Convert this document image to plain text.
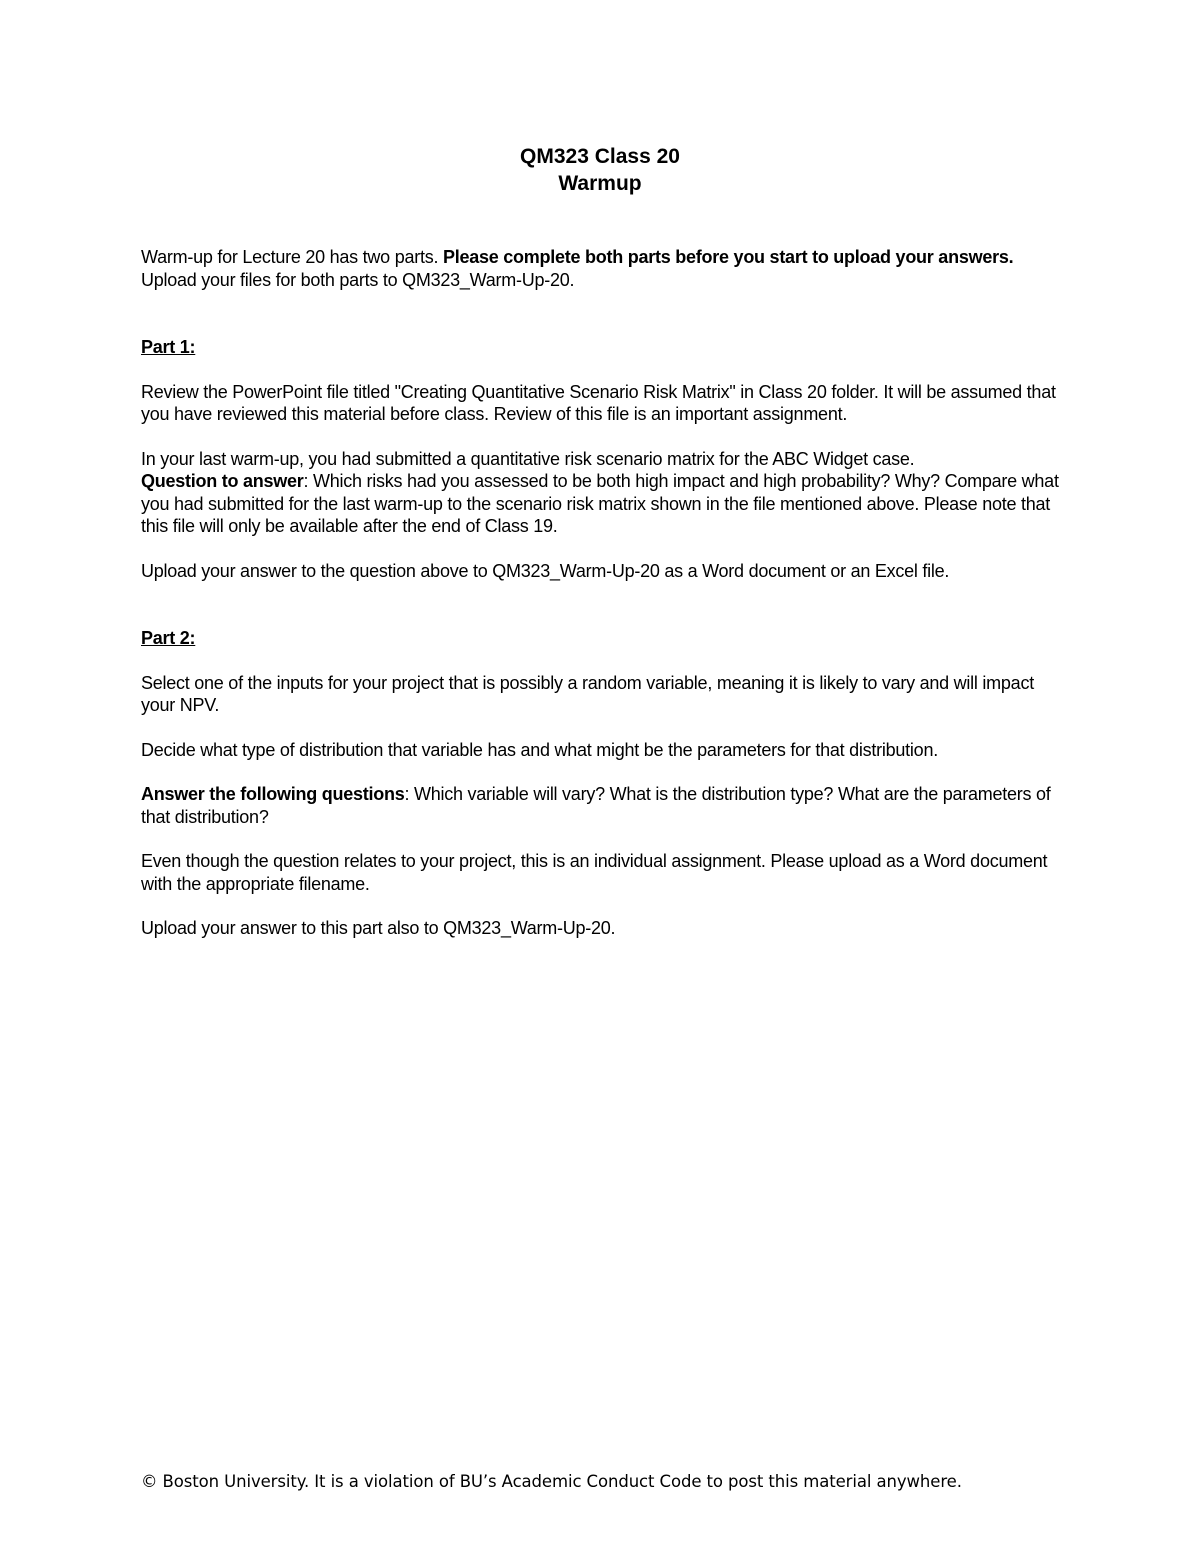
QM323 Class 20
Warmup

Warm-up for Lecture 20 has two parts. Please complete both parts before you start to upload your answers. Upload your files for both parts to QM323_Warm-Up-20.

Part 1:

Review the PowerPoint file titled "Creating Quantitative Scenario Risk Matrix" in Class 20 folder. It will be assumed that you have reviewed this material before class. Review of this file is an important assignment.

In your last warm-up, you had submitted a quantitative risk scenario matrix for the ABC Widget case.
Question to answer: Which risks had you assessed to be both high impact and high probability? Why? Compare what you had submitted for the last warm-up to the scenario risk matrix shown in the file mentioned above. Please note that this file will only be available after the end of Class 19.

Upload your answer to the question above to QM323_Warm-Up-20 as a Word document or an Excel file.

Part 2:

Select one of the inputs for your project that is possibly a random variable, meaning it is likely to vary and will impact your NPV.

Decide what type of distribution that variable has and what might be the parameters for that distribution.

Answer the following questions: Which variable will vary? What is the distribution type? What are the parameters of that distribution?

Even though the question relates to your project, this is an individual assignment. Please upload as a Word document with the appropriate filename.

Upload your answer to this part also to QM323_Warm-Up-20.

© Boston University. It is a violation of BU’s Academic Conduct Code to post this material anywhere.
